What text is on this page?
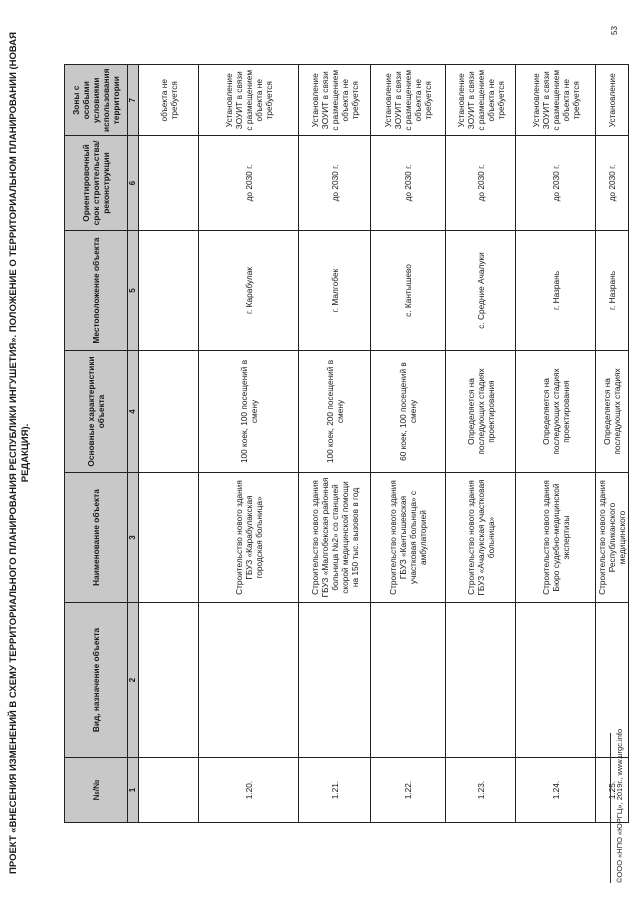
ПРОЕКТ «ВНЕСЕНИЯ ИЗМЕНЕНИЙ В СХЕМУ ТЕРРИТОРИАЛЬНОГО ПЛАНИРОВАНИЯ РЕСПУБЛИКИ ИНГУШЕТИЯ». ПОЛОЖЕНИЕ О ТЕРРИТОРИАЛЬНОМ ПЛАНИРОВАНИИ (НОВАЯ РЕДАКЦИЯ).
№/№	Вид, назначение объекта	Наименование объекта	Основные характеристики объекта	Местоположение объекта	Ориентировочный срок строительства/ реконструкции	Зоны с особыми условиями использования территории
1	2	3	4	5	6	7
						объекта не требуется
1.20.		Строительство нового здания ГБУЗ «Карабулакская городская больница»	100 коек, 100 посещений в смену	г. Карабулак	до 2030 г.	Установление ЗОУИТ в связи с размещением объекта не требуется
1.21.		Строительство нового здания ГБУЗ «Малгобекская районная больница №2» со станцией скорой медицинской помощи на 150 тыс. вызовов в год	100 коек, 200 посещений в смену	г. Малгобек	до 2030 г.	Установление ЗОУИТ в связи с размещением объекта не требуется
1.22.		Строительство нового здания ГБУЗ «Кантышевская участковая больница» с амбулаторией	60 коек, 100 посещений в смену	с. Кантышево	до 2030 г.	Установление ЗОУИТ в связи с размещением объекта не требуется
1.23.		Строительство нового здания ГБУЗ «Ачалукская участковая больница»	Определяется на последующих стадиях проектирования	с. Средние Ачалуки	до 2030 г.	Установление ЗОУИТ в связи с размещением объекта не требуется
1.24.		Строительство нового здания Бюро судебно-медицинской экспертизы	Определяется на последующих стадиях проектирования	г. Назрань	до 2030 г.	Установление ЗОУИТ в связи с размещением объекта не требуется
1.25.		Строительство нового здания Республиканского медицинского	Определяется на последующих стадиях	г. Назрань	до 2030 г.	Установление
©ООО «НПО «ЮРГЦ», 2019г., www.urgc.info
53
